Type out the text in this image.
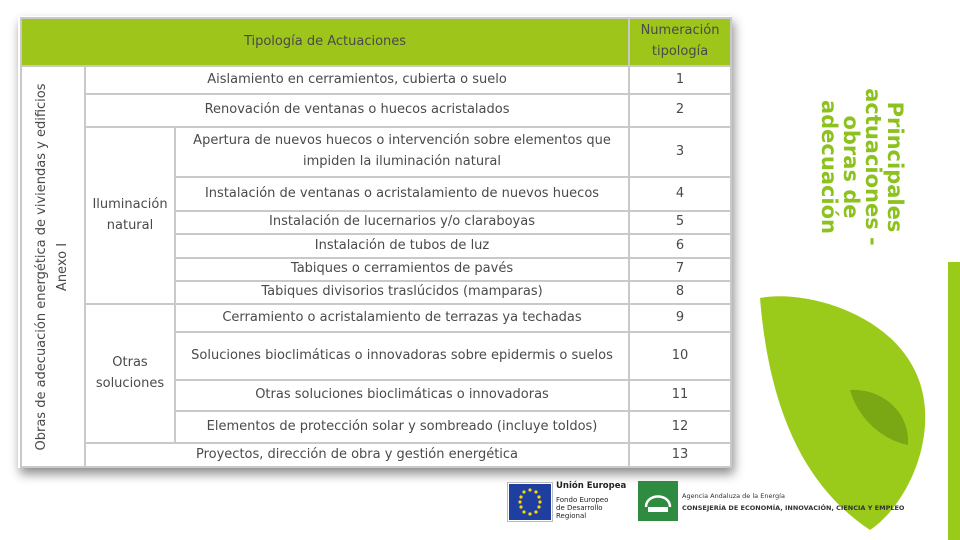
Tipología de Actuaciones			Numeración tipología

Obras de adecuación energética de viviendas y edificios Anexo I	Aislamiento en cerramientos, cubierta o suelo		1
	Renovación de ventanas o huecos acristalados		2
	Iluminación natural	Apertura de nuevos huecos o intervención sobre elementos que impiden la iluminación natural	3
		Instalación de ventanas o acristalamiento de nuevos huecos	4
		Instalación de lucernarios y/o claraboyas	5
		Instalación de tubos de luz	6
		Tabiques o cerramientos de pavés	7
		Tabiques divisorios traslúcidos (mamparas)	8
	Otras soluciones	Cerramiento o acristalamiento de terrazas ya techadas	9
		Soluciones bioclimáticas o innovadoras sobre epidermis o suelos	10
		Otras soluciones bioclimáticas o innovadoras	11
		Elementos de protección solar y sombreado (incluye toldos)	12
	Proyectos, dirección de obra y gestión energética		13
Principales actuaciones - obras de adecuación
Unión Europea
Fondo Europeo de Desarrollo Regional
Agencia Andaluza de la Energía
CONSEJERÍA DE ECONOMÍA, INNOVACIÓN, CIENCIA Y EMPLEO
